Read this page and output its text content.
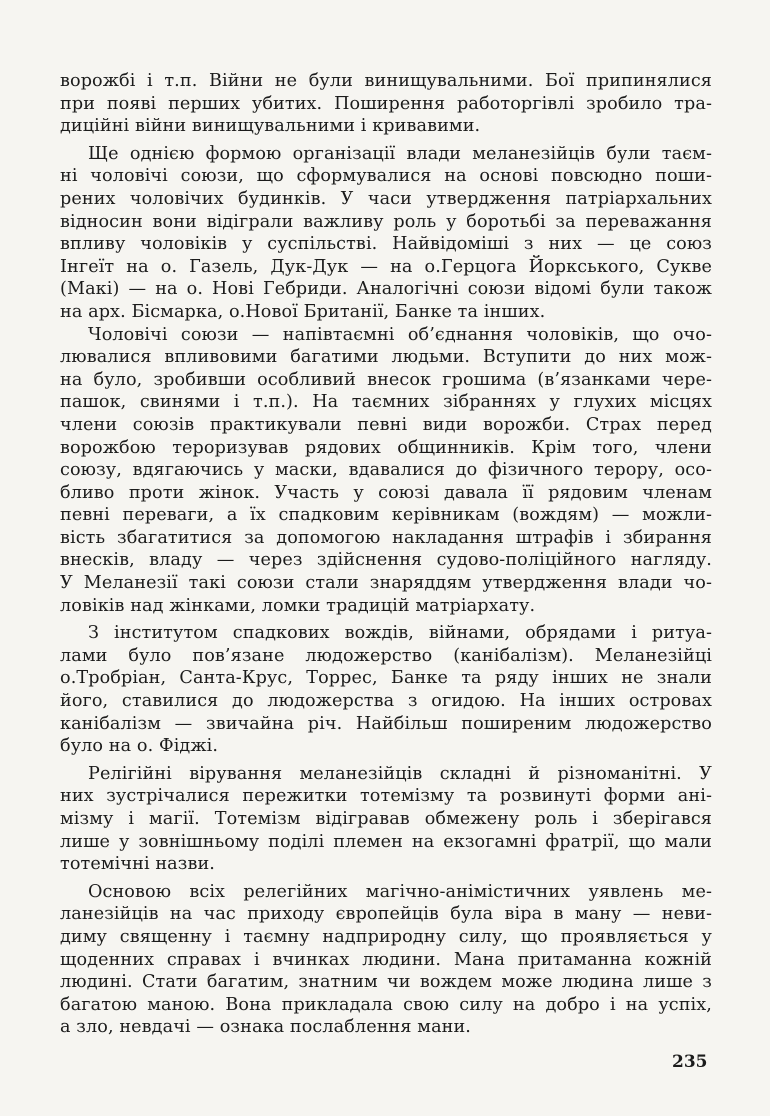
ворожбі і т.п. Війни не були винищувальними. Бої припинялися
при появі перших убитих. Поширення работоргівлі зробило тра-
диційні війни винищувальними і кривавими.
Ще однією формою організації влади меланезійців були таєм-
ні чоловічі союзи, що сформувалися на основі повсюдно поши-
рених чоловічих будинків. У часи утвердження патріархальних
відносин вони відіграли важливу роль у боротьбі за переважання
впливу чоловіків у суспільстві. Найвідоміші з них — це союз
Інгеїт на о. Газель, Дук-Дук — на о.Герцога Йоркського, Сукве
(Макі) — на о. Нові Гебриди. Аналогічні союзи відомі були також
на арх. Бісмарка, о.Нової Британії, Банке та інших.
Чоловічі союзи — напівтаємні об’єднання чоловіків, що очо-
лювалися впливовими багатими людьми. Вступити до них мож-
на було, зробивши особливий внесок грошима (в’язанками чере-
пашок, свинями і т.п.). На таємних зібраннях у глухих місцях
члени союзів практикували певні види ворожби. Страх перед
ворожбою тероризував рядових общинників. Крім того, члени
союзу, вдягаючись у маски, вдавалися до фізичного терору, осо-
бливо проти жінок. Участь у союзі давала її рядовим членам
певні переваги, а їх спадковим керівникам (вождям) — можли-
вість збагатитися за допомогою накладання штрафів і збирання
внесків, владу — через здійснення судово-поліційного нагляду.
У Меланезії такі союзи стали знаряддям утвердження влади чо-
ловіків над жінками, ломки традицій матріархату.
З інститутом спадкових вождів, війнами, обрядами і ритуа-
лами було пов’язане людожерство (канібалізм). Меланезійці
о.Тробріан, Санта-Крус, Торрес, Банке та ряду інших не знали
його, ставилися до людожерства з огидою. На інших островах
канібалізм — звичайна річ. Найбільш поширеним людожерство
було на о. Фіджі.
Релігійні вірування меланезійців складні й різноманітні. У
них зустрічалися пережитки тотемізму та розвинуті форми ані-
мізму і магії. Тотемізм відігравав обмежену роль і зберігався
лише у зовнішньому поділі племен на екзогамні фратрії, що мали
тотемічні назви.
Основою всіх релегійних магічно-анімістичних уявлень ме-
ланезійців на час приходу європейців була віра в ману — неви-
диму священну і таємну надприродну силу, що проявляється у
щоденних справах і вчинках людини. Мана притаманна кожній
людині. Стати багатим, знатним чи вождем може людина лише з
багатою маною. Вона прикладала свою силу на добро і на успіх,
а зло, невдачі — ознака послаблення мани.
235
